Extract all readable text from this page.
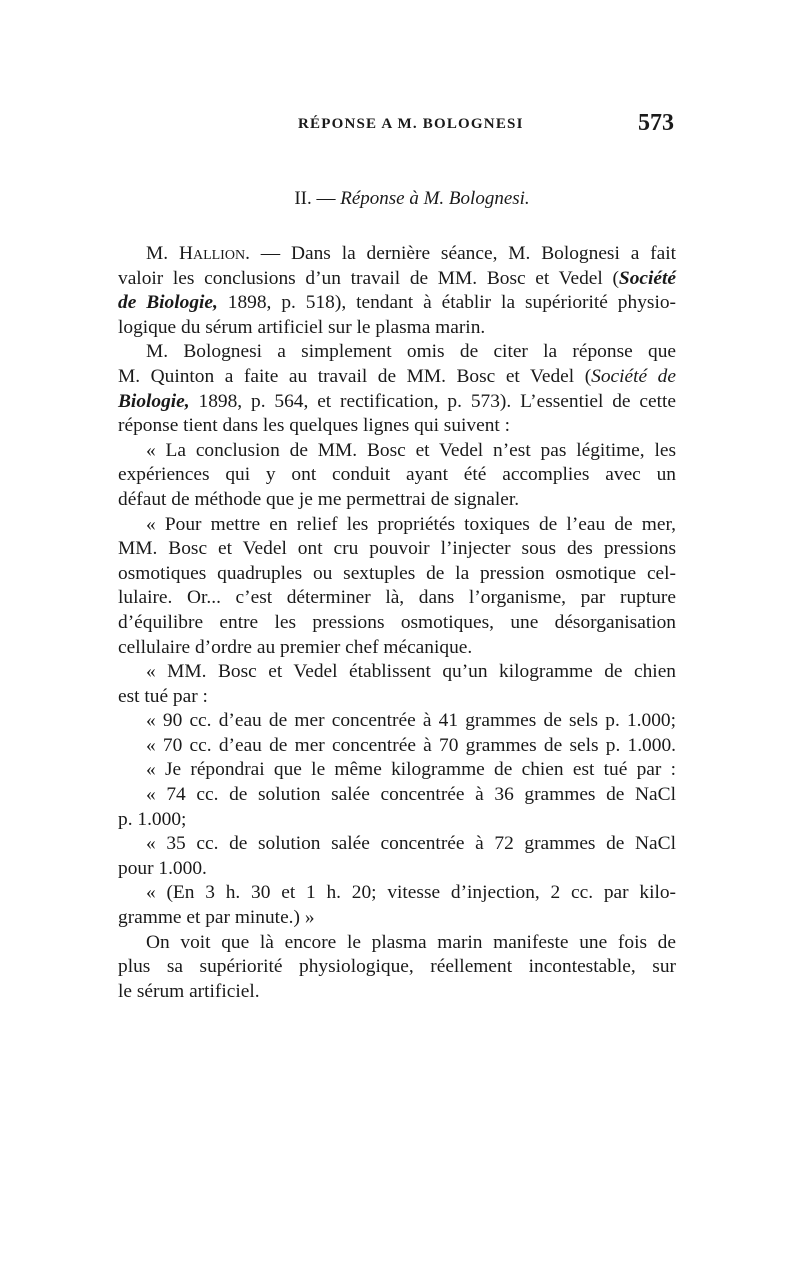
RÉPONSE A M. BOLOGNESI	573
II. — Réponse à M. Bolognesi.
M. Hallion. — Dans la dernière séance, M. Bolognesi a fait
valoir les conclusions d’un travail de MM. Bosc et Vedel (Société
de Biologie, 1898, p. 518), tendant à établir la supériorité physio-
logique du sérum artificiel sur le plasma marin.
M. Bolognesi a simplement omis de citer la réponse que
M. Quinton a faite au travail de MM. Bosc et Vedel (Société de
Biologie, 1898, p. 564, et rectification, p. 573). L’essentiel de cette
réponse tient dans les quelques lignes qui suivent :
« La conclusion de MM. Bosc et Vedel n’est pas légitime, les
expériences qui y ont conduit ayant été accomplies avec un
défaut de méthode que je me permettrai de signaler.
« Pour mettre en relief les propriétés toxiques de l’eau de mer,
MM. Bosc et Vedel ont cru pouvoir l’injecter sous des pressions
osmotiques quadruples ou sextuples de la pression osmotique cel-
lulaire. Or... c’est déterminer là, dans l’organisme, par rupture
d’équilibre entre les pressions osmotiques, une désorganisation
cellulaire d’ordre au premier chef mécanique.
« MM. Bosc et Vedel établissent qu’un kilogramme de chien
est tué par :
« 90 cc. d’eau de mer concentrée à 41 grammes de sels p. 1.000;
« 70 cc. d’eau de mer concentrée à 70 grammes de sels p. 1.000.
« Je répondrai que le même kilogramme de chien est tué par :
« 74 cc. de solution salée concentrée à 36 grammes de NaCl
p. 1.000;
« 35 cc. de solution salée concentrée à 72 grammes de NaCl
pour 1.000.
« (En 3 h. 30 et 1 h. 20; vitesse d’injection, 2 cc. par kilo-
gramme et par minute.) »
On voit que là encore le plasma marin manifeste une fois de
plus sa supériorité physiologique, réellement incontestable, sur
le sérum artificiel.
